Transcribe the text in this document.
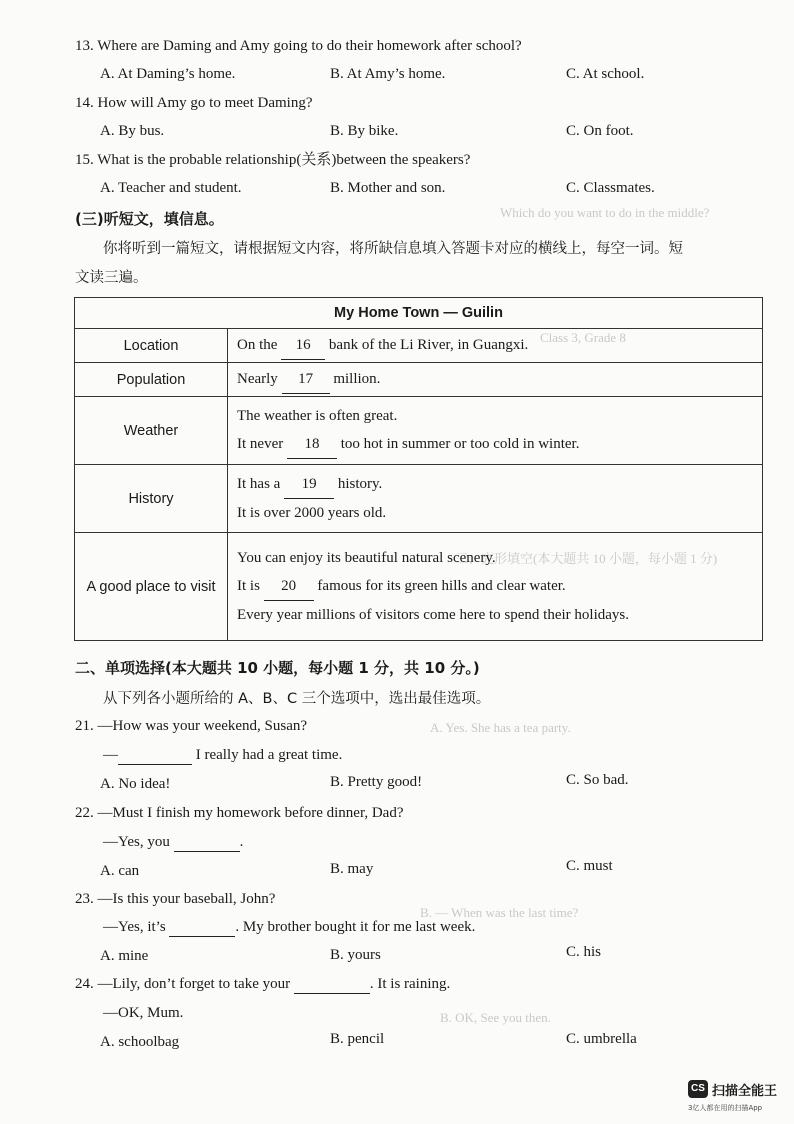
Which do you want to do in the middle?
Class 3, Grade 8
三、完形填空(本大题共 10 小题，每小题 1 分)
A. Yes. She has a tea party.
B. — When was the last time?
B. OK, See you then.
13. Where are Daming and Amy going to do their homework after school?
A. At Daming’s home.	B. At Amy’s home.	C. At school.
14. How will Amy go to meet Daming?
A. By bus.	B. By bike.	C. On foot.
15. What is the probable relationship(关系)between the speakers?
A. Teacher and student.	B. Mother and son.	C. Classmates.
(三)听短文，填信息。
你将听到一篇短文，请根据短文内容，将所缺信息填入答题卡对应的横线上，每空一词。短
文读三遍。
My Home Town — Guilin	
Location	On the 16 bank of the Li River, in Guangxi.
Population	Nearly 17 million.
Weather	The weather is often great.
It never 18 too hot in summer or too cold in winter.

History	It has a 19 history.
It is over 2000 years old.

A good place to visit	You can enjoy its beautiful natural scenery.
It is 20 famous for its green hills and clear water.
Every year millions of visitors come here to spend their holidays.
二、单项选择(本大题共 10 小题，每小题 1 分，共 10 分。)
从下列各小题所给的 A、B、C 三个选项中，选出最佳选项。
21. —How was your weekend, Susan?
—	I really had a great time.
A. No idea!	B. Pretty good!	C. So bad.
22. —Must I finish my homework before dinner, Dad?
—Yes, you	.
A. can	B. may	C. must
23. —Is this your baseball, John?
—Yes, it’s	. My brother bought it for me last week.
A. mine	B. yours	C. his
24. —Lily, don’t forget to take your	. It is raining.
—OK, Mum.
A. schoolbag	B. pencil	C. umbrella
CS 扫描全能王
3亿人都在用的扫描App
